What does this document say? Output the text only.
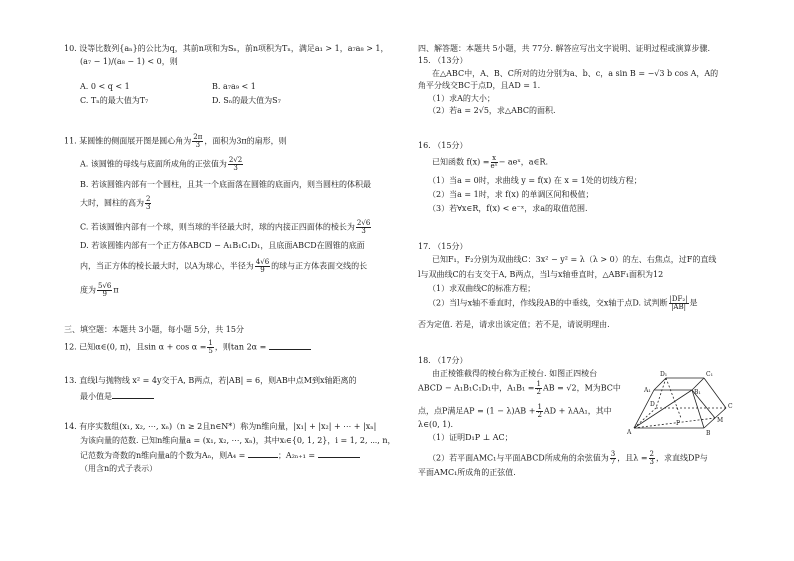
10. 设等比数列{aₙ}的公比为q，其前n项和为Sₙ，前n项积为Tₙ，满足a₁ > 1，a₇a₈ > 1，
(a₇ − 1)/(a₈ − 1) < 0，则
A. 0 < q < 1	B. a₇a₉ < 1
C. Tₙ的最大值为T₇	D. Sₙ的最大值为S₇
11. 某圆锥的侧面展开图是圆心角为 $\frac{2\pi}{3}$ ，面积为3π的扇形，则
A. 该圆锥的母线与底面所成角的正弦值为 $\frac{2√2}{3}$
B. 若该圆锥内部有一个圆柱，且其一个底面落在圆锥的底面内，则当圆柱的体积最
大时，圆柱的高为 $\frac{2}{3}$
C. 若该圆锥内部有一个球，则当球的半径最大时，球的内接正四面体的棱长为 $\frac{2√6}{3}$
D. 若该圆锥内部有一个正方体ABCD − A₁B₁C₁D₁，且底面ABCD在圆锥的底面
内，当正方体的棱长最大时，以A为球心，半径为 $\frac{4√6}{9}$ 的球与正方体表面交线的长
度为 $\frac{5√6}{9}$ π
三、填空题：本题共 3小题，每小题 5分，共 15分
12. 已知α∈(0, π)，且$\sin \alpha + \cos \alpha = \frac{1}{5}$ ，则tan 2α =
13. 直线l与抛物线 x² = 4y交于A, B两点，若|AB| = 6，则AB中点M到x轴距离的
最小值是
14. 有序实数组(x₁, x₂, ⋯, xₙ)（n ≥ 2且n∈N*）称为n维向量，|x₁| + |x₂| + ⋯ + |xₙ|
为该向量的范数. 已知n维向量a = (x₁, x₂, ⋯, xₙ)，其中xᵢ∈{0, 1, 2}，i = 1, 2, ⋯, n，
记范数为奇数的n维向量a的个数为Aₙ，则A₄ =	；A₂ₙ₊₁ =
（用含n的式子表示）
四、解答题：本题共 5小题，共 77分. 解答应写出文字说明、证明过程或演算步骤.
15. （13分）
在△ABC中，A、B、C所对的边分别为a、b、c，a sin B = −√3 b cos A，A的
角平分线交BC于点D，且AD = 1.
（1）求A的大小；
（2）若a = 2√5，求△ABC的面积.
16. （15分）
已知函数 $f(x) = \frac{x}{\text{eˣ}}$ − aeˣ，a∈R.
（1）当a = 0时，求曲线 y = f(x) 在 x = 1处的切线方程；
（2）当a = 1时，求 f(x) 的单调区间和极值；
（3）若∀x∈R，f(x) < e⁻ˣ，求a的取值范围.
17. （15分）
已知F₁，F₂分别为双曲线C：3x² − y² = λ（λ > 0）的左、右焦点，过F的直线
l与双曲线C的右支交于A, B两点，当l与x轴垂直时，△ABF₁面积为12
（1）求双曲线C的标准方程；
（2）当l与x轴不垂直时，作线段AB的中垂线，交x轴于点D. 试判断 $\frac{\text{|DF₂|}}{|AB|}$ 是
否为定值. 若是，请求出该定值；若不是，请说明理由.
18. （17分）
由正棱锥截得的棱台称为正棱台. 如图正四棱台
ABCD − A₁B₁C₁D₁中，$A_1B_1 = \frac{1}{2}$ AB = √2，M为BC中
点，点P满足AP = $(1 - \lambda)AB + \frac{1}{2}$ AD + λAA₁，其中
λ∈(0, 1).
（1）证明D₁P ⊥ AC；
（2）若平面AMC₁与平面ABCD所成角的余弦值为 $\frac{3}{7}$ ，且$\lambda = \frac{2}{3}$ ，求直线DP与
平面AMC₁所成角的正弦值.
D₁	C₁
A₁	B₁
D	C
A	B
M
P
